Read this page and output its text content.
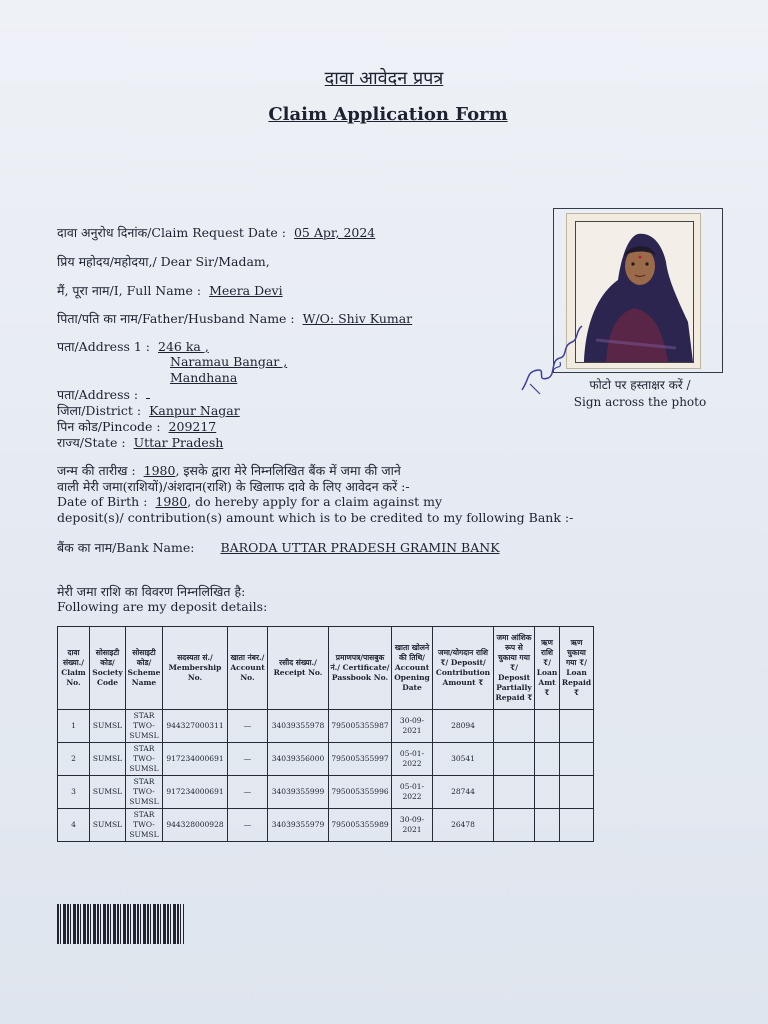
दावा आवेदन प्रपत्र
Claim Application Form
दावा अनुरोध दिनांक/Claim Request Date : 05 Apr, 2024
प्रिय महोदय/महोदया,/ Dear Sir/Madam,
मैं, पूरा नाम/I, Full Name : Meera Devi
पिता/पति का नाम/Father/Husband Name : W/O: Shiv Kumar
पता/Address 1 : 246 ka ,
Naramau Bangar ,
Mandhana
पता/Address :
जिला/District : Kanpur Nagar
पिन कोड/Pincode : 209217
राज्य/State : Uttar Pradesh
जन्म की तारीख : 1980, इसके द्वारा मेरे निम्नलिखित बैंक में जमा की जाने
वाली मेरी जमा(राशियों)/अंशदान(राशि) के खिलाफ दावे के लिए आवेदन करें :-
Date of Birth : 1980, do hereby apply for a claim against my
deposit(s)/ contribution(s) amount which is to be credited to my following Bank :-
बैंक का नाम/Bank Name: BARODA UTTAR PRADESH GRAMIN BANK
मेरी जमा राशि का विवरण निम्नलिखित है:
Following are my deposit details:
फोटो पर हस्ताक्षर करें /
Sign across the photo
दावा संख्या./ Claim No.	सोसाइटी कोड/ Society Code	सोसाइटी कोड/ Scheme Name	सदस्यता सं./ Membership No.	खाता नंबर./ Account No.	रसीद संख्या./ Receipt No.	प्रमाणपत्र/पासबुक नं./ Certificate/ Passbook No.	खाता खोलने की तिथि/ Account Opening Date	जमा/योगदान राशि ₹/ Deposit/ Contribution Amount ₹	जमा आंशिक रूप से चुकाया गया ₹/ Deposit Partially Repaid ₹	ऋण राशि ₹/ Loan Amt ₹	ऋण चुकाया गया ₹/ Loan Repaid ₹
1	SUMSL	STAR TWO-SUMSL	944327000311	—	34039355978	795005355987	30-09-2021	28094			
2	SUMSL	STAR TWO-SUMSL	917234000691	—	34039356000	795005355997	05-01-2022	30541			
3	SUMSL	STAR TWO-SUMSL	917234000691	—	34039355999	795005355996	05-01-2022	28744			
4	SUMSL	STAR TWO-SUMSL	944328000928	—	34039355979	795005355989	30-09-2021	26478			
